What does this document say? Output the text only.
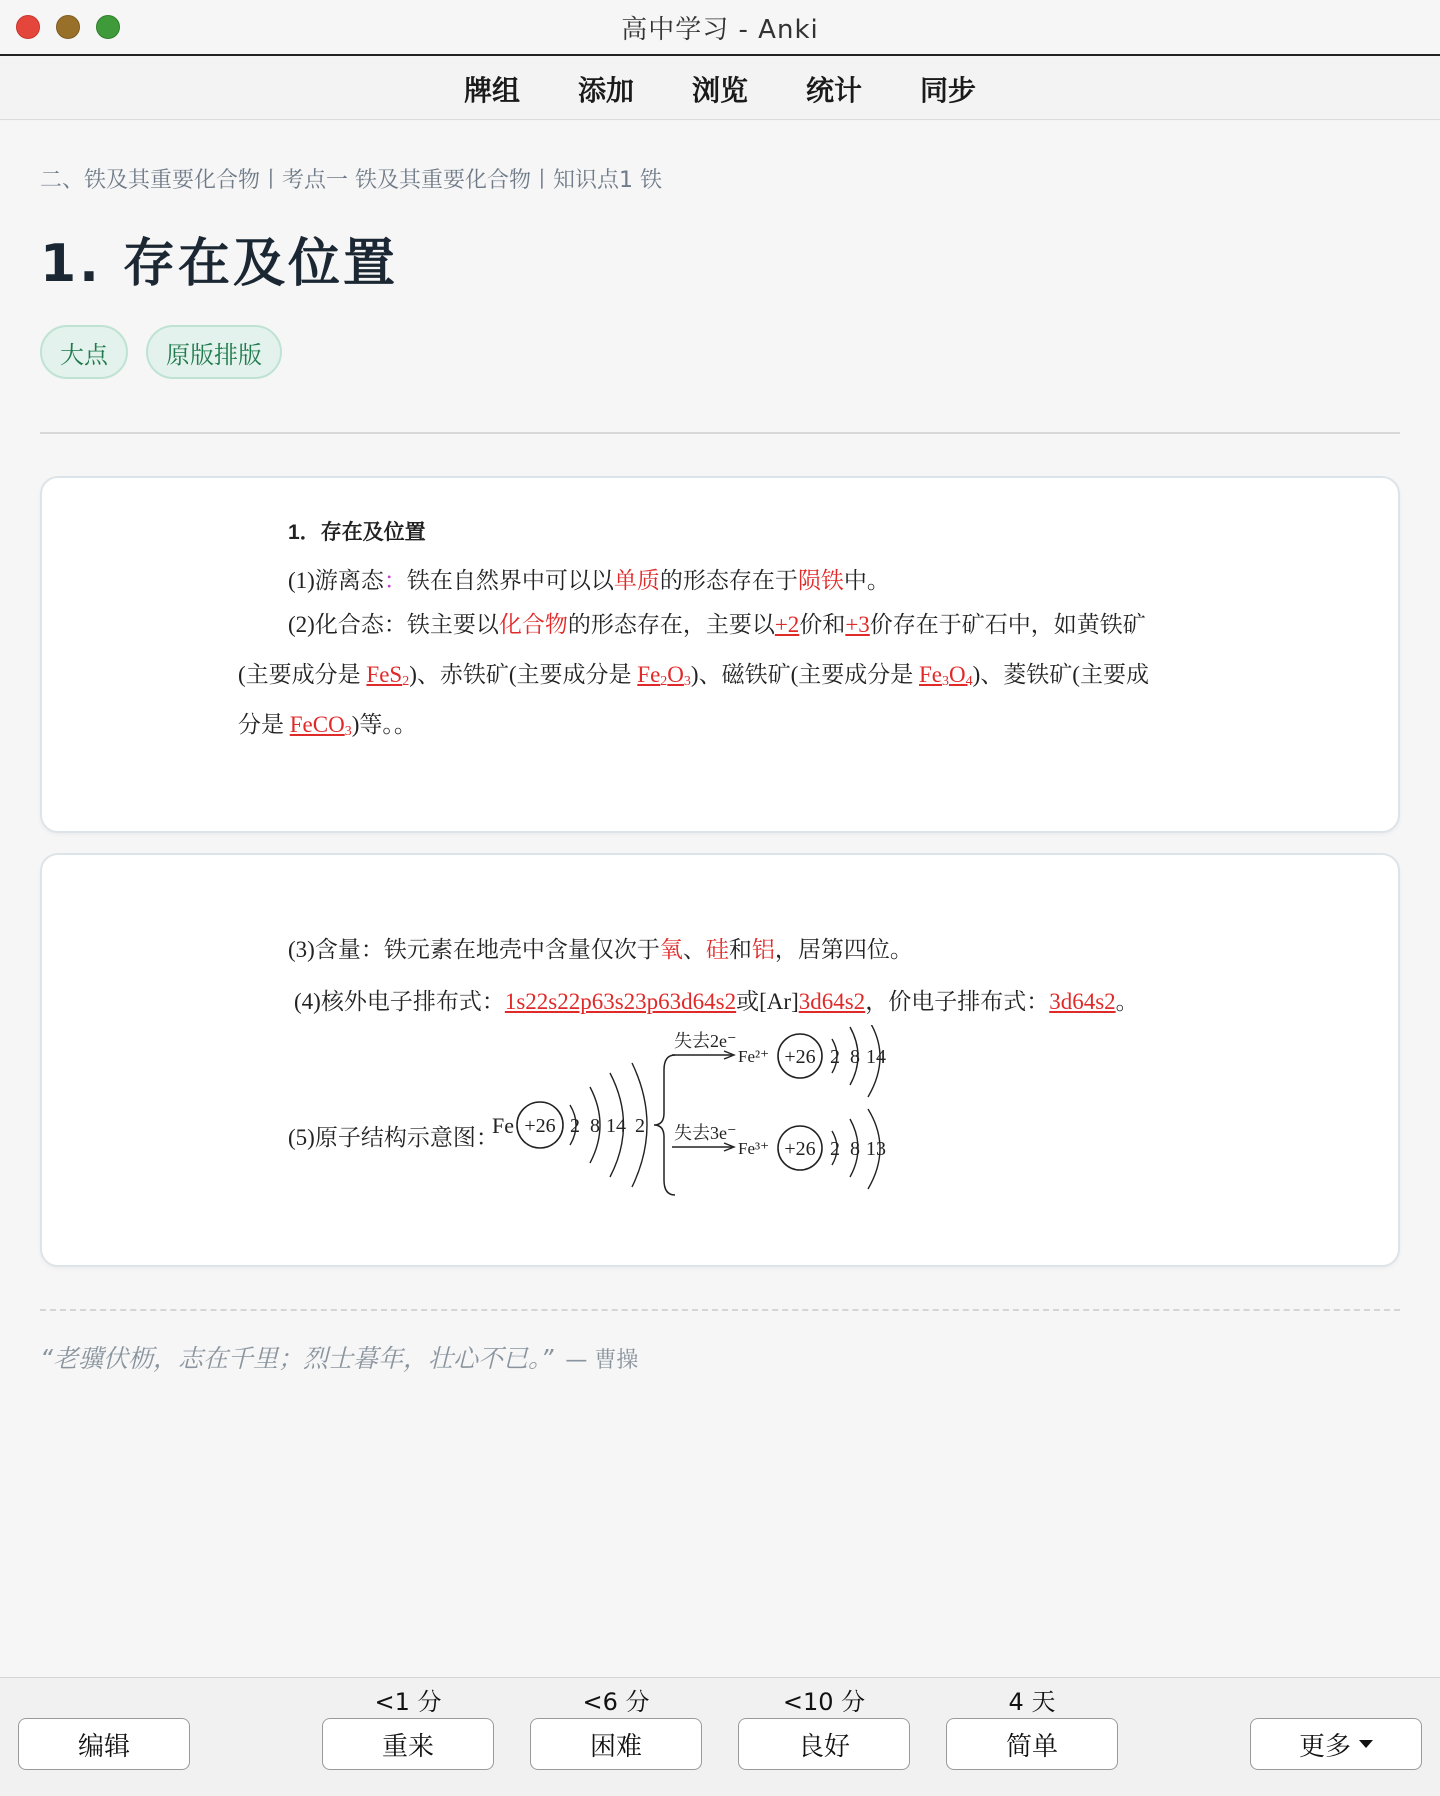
高中学习 - Anki
牌组 添加 浏览 统计 同步
二、铁及其重要化合物丨考点一 铁及其重要化合物丨知识点1 铁
1. 存在及位置
大点	原版排版
1．存在及位置
(1)游离态：铁在自然界中可以以单质的形态存在于陨铁中。
(2)化合态：铁主要以化合物的形态存在，主要以+2价和+3价存在于矿石中，如黄铁矿
(主要成分是 FeS$_2$)、赤铁矿(主要成分是 $Fe_2O_3$)、磁铁矿(主要成分是 $Fe_3O_4$)、菱铁矿(主要成
分是 FeCO$_3$)等。。
(3)含量：铁元素在地壳中含量仅次于氧、硅和铝，居第四位。
(4)核外电子排布式：1s22s22p63s23p63d64s2或[Ar]3d64s2，价电子排布式：3d64s2。
(5)原子结构示意图：
Fe +26 2 8 14 2
失去2e⁻
Fe²⁺ +26 2 8 14
失去3e⁻
Fe³⁺ +26 2 8 13
“老骥伏枥，志在千里；烈士暮年，壮心不已。” — 曹操
编辑
<1 分
重来
<6 分
困难
<10 分
良好
4 天
简单	更多
